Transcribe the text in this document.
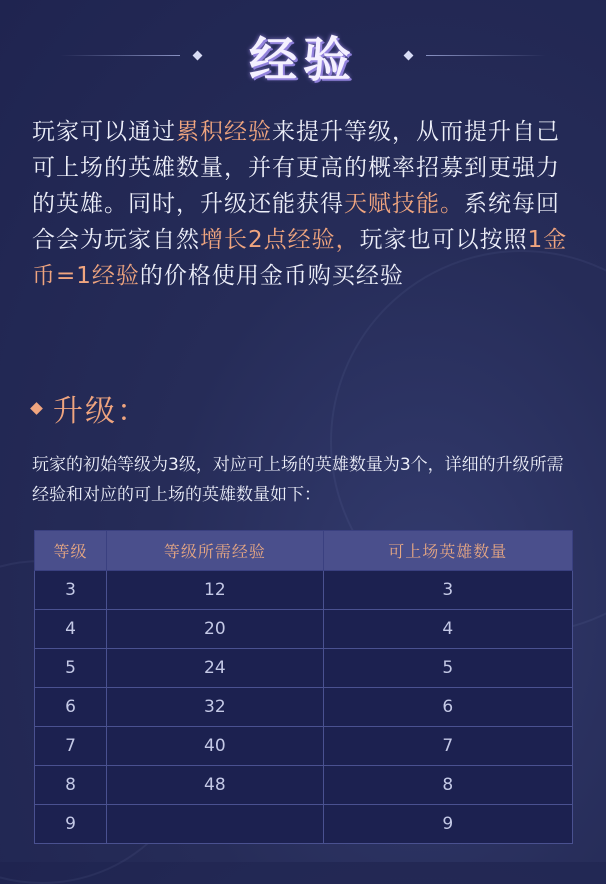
经验

玩家可以通过累积经验来提升等级，从而提升自己可上场的英雄数量，并有更高的概率招募到更强力的英雄。同时，升级还能获得天赋技能。系统每回合会为玩家自然增长2点经验，玩家也可以按照1金币=1经验的价格使用金币购买经验

升级：

玩家的初始等级为3级，对应可上场的英雄数量为3个，详细的升级所需经验和对应的可上场的英雄数量如下：

等级	等级所需经验	可上场英雄数量
3	12	3
4	20	4
5	24	5
6	32	6
7	40	7
8	48	8
9		9
